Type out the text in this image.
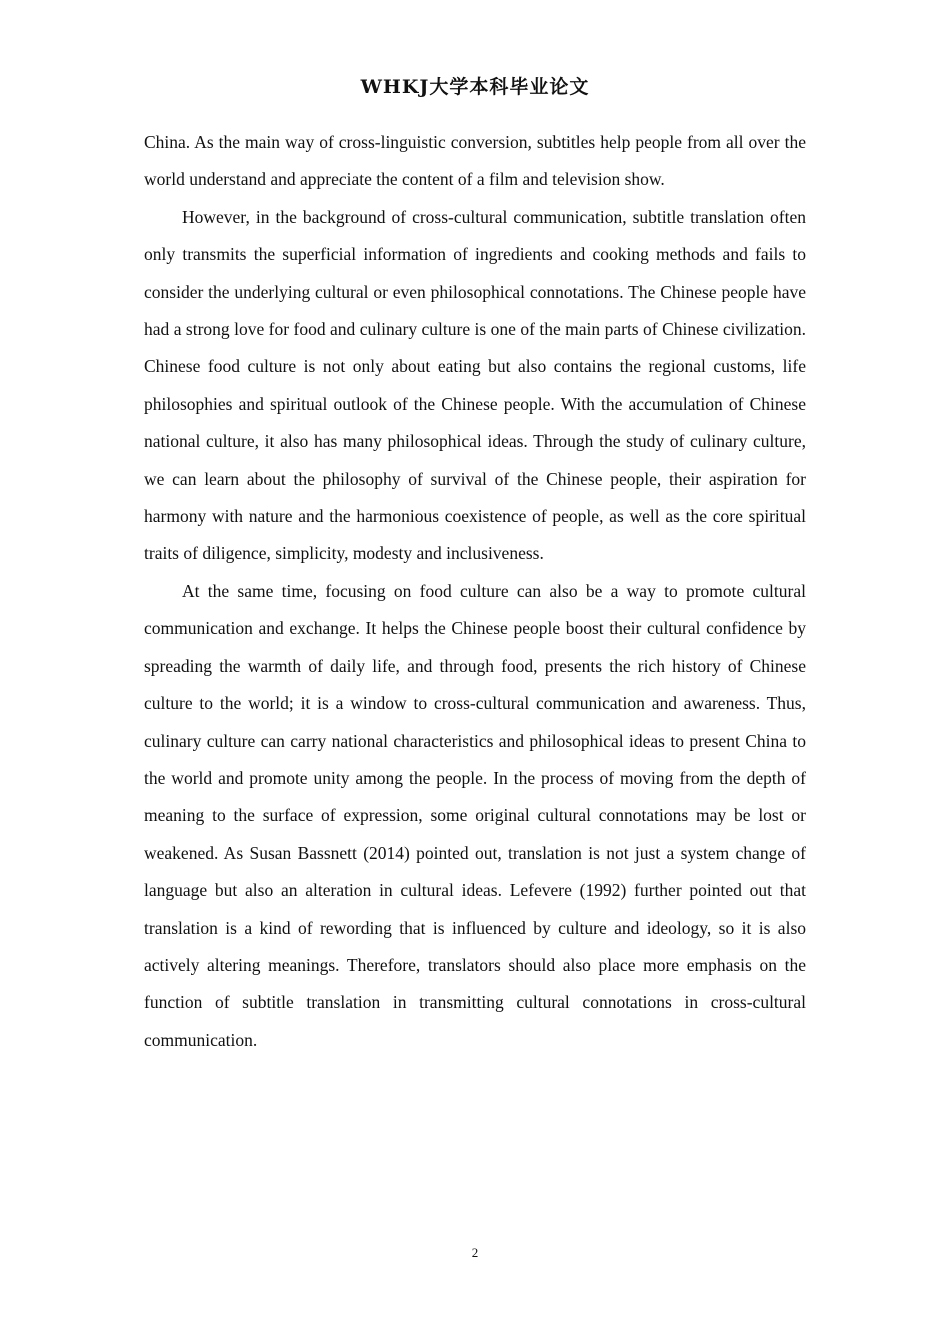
WHKJ大学本科毕业论文

China. As the main way of cross-linguistic conversion, subtitles help people from all over the world understand and appreciate the content of a film and television show.

However, in the background of cross-cultural communication, subtitle translation often only transmits the superficial information of ingredients and cooking methods and fails to consider the underlying cultural or even philosophical connotations. The Chinese people have had a strong love for food and culinary culture is one of the main parts of Chinese civilization. Chinese food culture is not only about eating but also contains the regional customs, life philosophies and spiritual outlook of the Chinese people. With the accumulation of Chinese national culture, it also has many philosophical ideas. Through the study of culinary culture, we can learn about the philosophy of survival of the Chinese people, their aspiration for harmony with nature and the harmonious coexistence of people, as well as the core spiritual traits of diligence, simplicity, modesty and inclusiveness.

At the same time, focusing on food culture can also be a way to promote cultural communication and exchange. It helps the Chinese people boost their cultural confidence by spreading the warmth of daily life, and through food, presents the rich history of Chinese culture to the world; it is a window to cross-cultural communication and awareness. Thus, culinary culture can carry national characteristics and philosophical ideas to present China to the world and promote unity among the people. In the process of moving from the depth of meaning to the surface of expression, some original cultural connotations may be lost or weakened. As Susan Bassnett (2014) pointed out, translation is not just a system change of language but also an alteration in cultural ideas. Lefevere (1992) further pointed out that translation is a kind of rewording that is influenced by culture and ideology, so it is also actively altering meanings. Therefore, translators should also place more emphasis on the function of subtitle translation in transmitting cultural connotations in cross-cultural communication.

2
